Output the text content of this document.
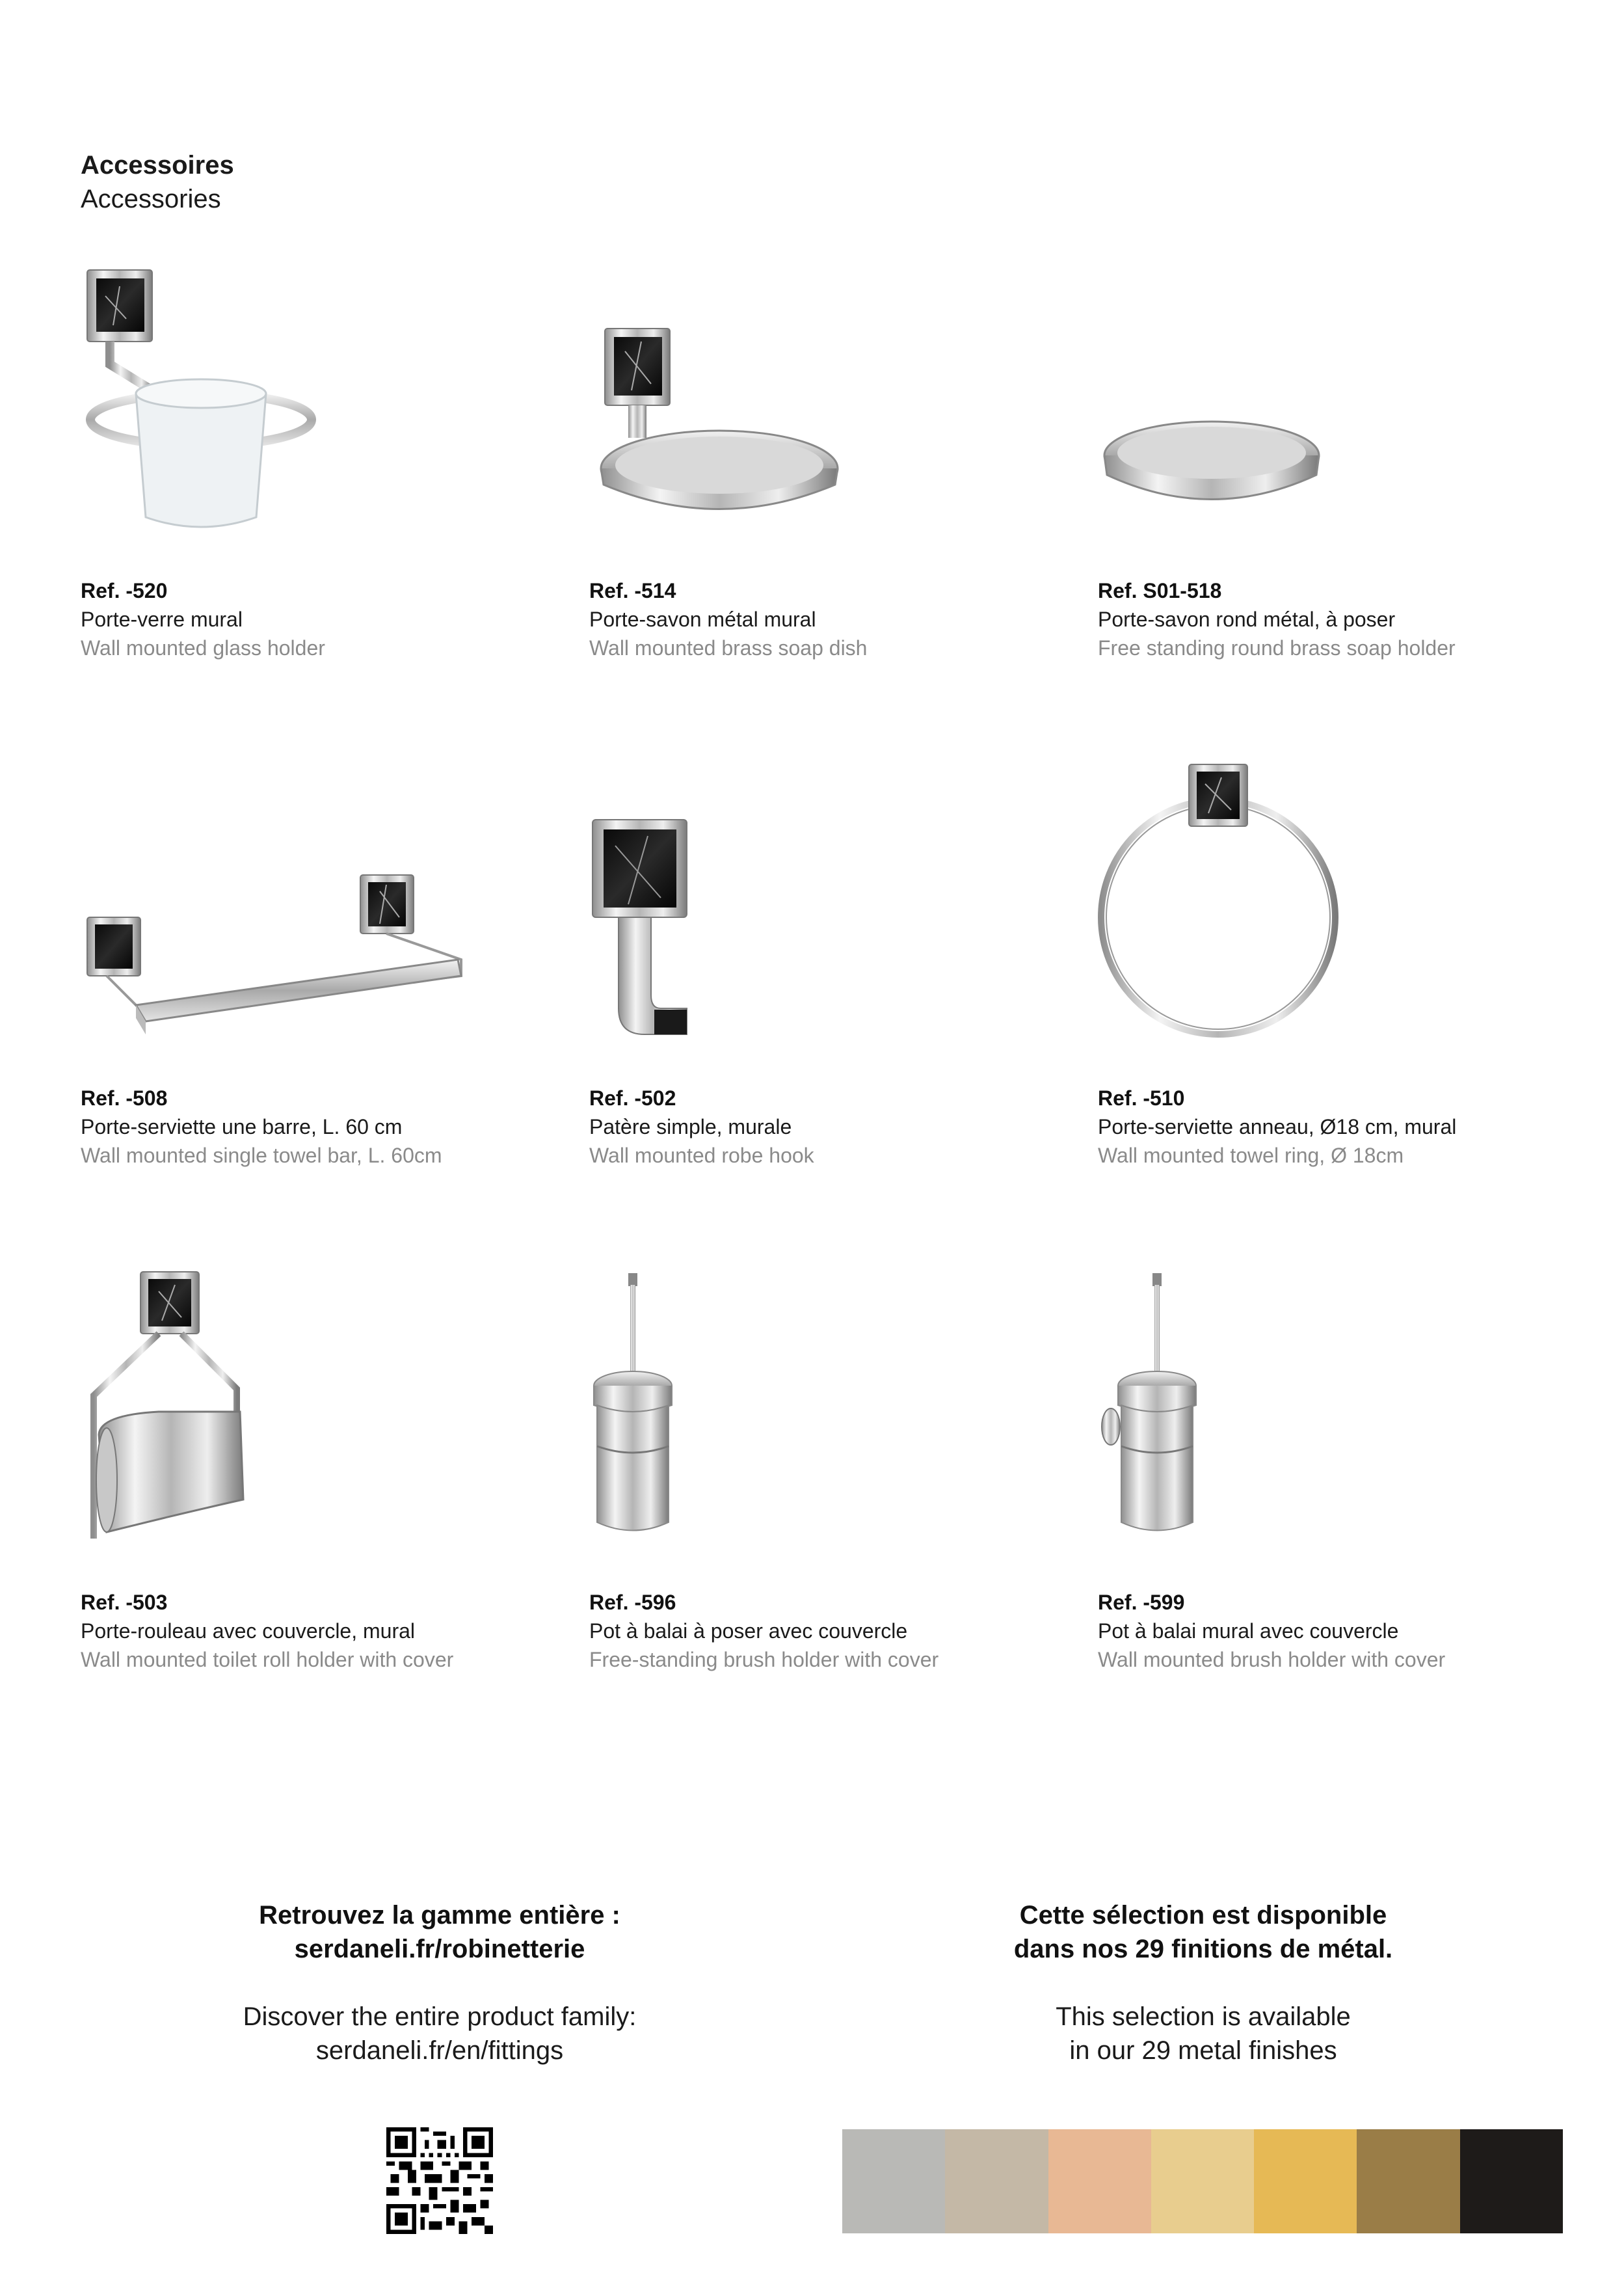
Accessoires
Accessories
Ref. -520
Porte-verre mural
Wall mounted glass holder
Ref. -514
Porte-savon métal mural
Wall mounted brass soap dish
Ref. S01-518
Porte-savon rond métal, à poser
Free standing round brass soap holder
Ref. -508
Porte-serviette une barre, L. 60 cm
Wall mounted single towel bar, L. 60cm
Ref. -502
Patère simple, murale
Wall mounted robe hook
Ref. -510
Porte-serviette anneau, Ø18 cm, mural
Wall mounted towel ring, Ø 18cm
Ref. -503
Porte-rouleau avec couvercle, mural
Wall mounted toilet roll holder with cover
Ref. -596
Pot à balai à poser avec couvercle
Free-standing brush holder with cover
Ref. -599
Pot à balai mural avec couvercle
Wall mounted brush holder with cover
Retrouvez la gamme entière :
serdaneli.fr/robinetterie
Discover the entire product family:
serdaneli.fr/en/fittings
Cette sélection est disponible
dans nos 29 finitions de métal.
This selection is available
in our 29 metal finishes
